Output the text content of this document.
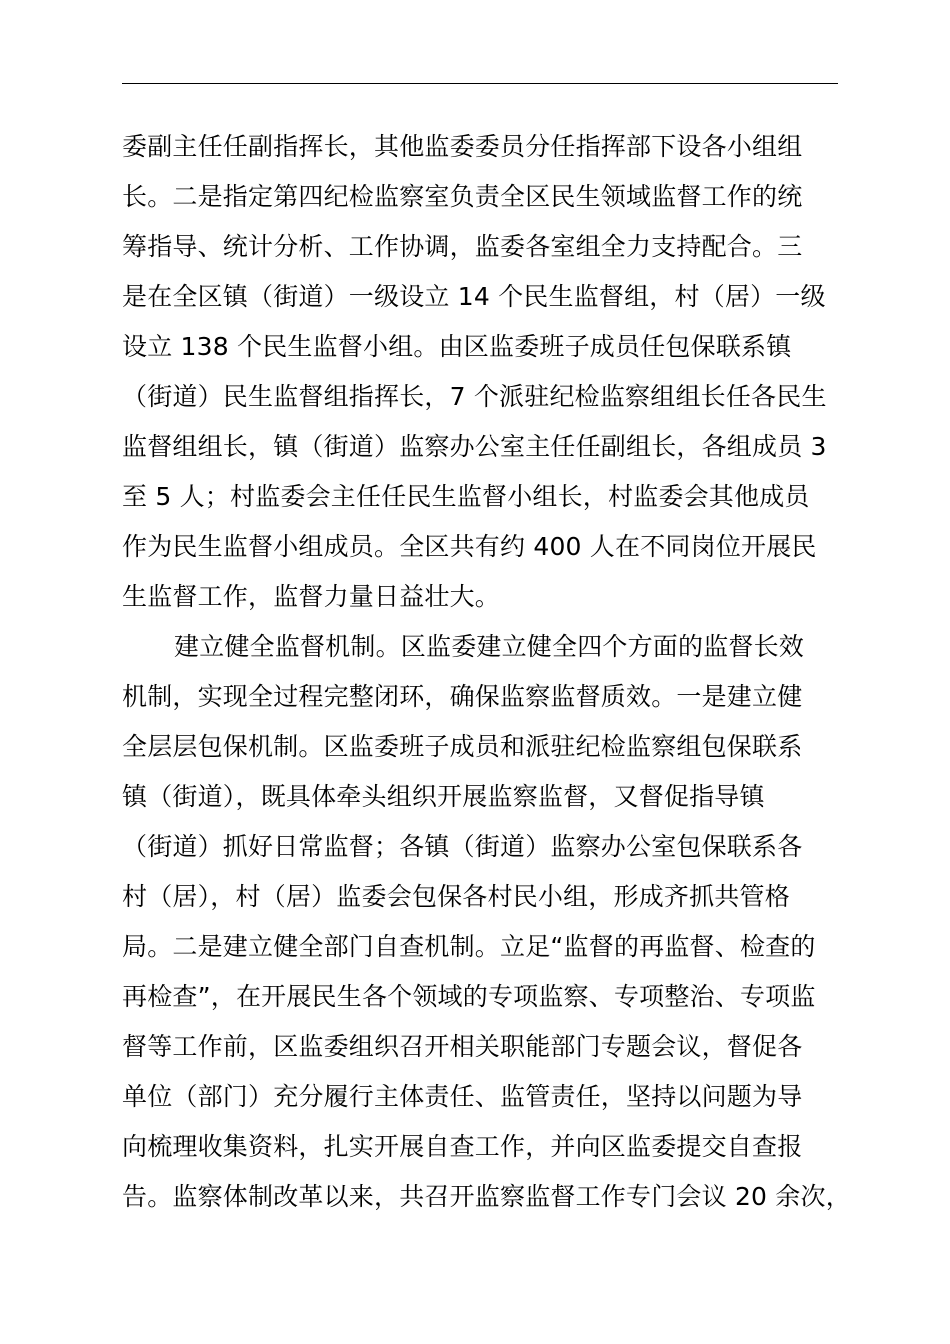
委副主任任副指挥长，其他监委委员分任指挥部下设各小组组
长。二是指定第四纪检监察室负责全区民生领域监督工作的统
筹指导、统计分析、工作协调，监委各室组全力支持配合。三
是在全区镇（街道）一级设立 14 个民生监督组，村（居）一级
设立 138 个民生监督小组。由区监委班子成员任包保联系镇
（街道）民生监督组指挥长，7 个派驻纪检监察组组长任各民生
监督组组长，镇（街道）监察办公室主任任副组长，各组成员 3
至 5 人；村监委会主任任民生监督小组长，村监委会其他成员
作为民生监督小组成员。全区共有约 400 人在不同岗位开展民
生监督工作，监督力量日益壮大。
建立健全监督机制。区监委建立健全四个方面的监督长效
机制，实现全过程完整闭环，确保监察监督质效。一是建立健
全层层包保机制。区监委班子成员和派驻纪检监察组包保联系
镇（街道），既具体牵头组织开展监察监督，又督促指导镇
（街道）抓好日常监督；各镇（街道）监察办公室包保联系各
村（居），村（居）监委会包保各村民小组，形成齐抓共管格
局。二是建立健全部门自查机制。立足“监督的再监督、检查的
再检查”，在开展民生各个领域的专项监察、专项整治、专项监
督等工作前，区监委组织召开相关职能部门专题会议，督促各
单位（部门）充分履行主体责任、监管责任，坚持以问题为导
向梳理收集资料，扎实开展自查工作，并向区监委提交自查报
告。监察体制改革以来，共召开监察监督工作专门会议 20 余次，
